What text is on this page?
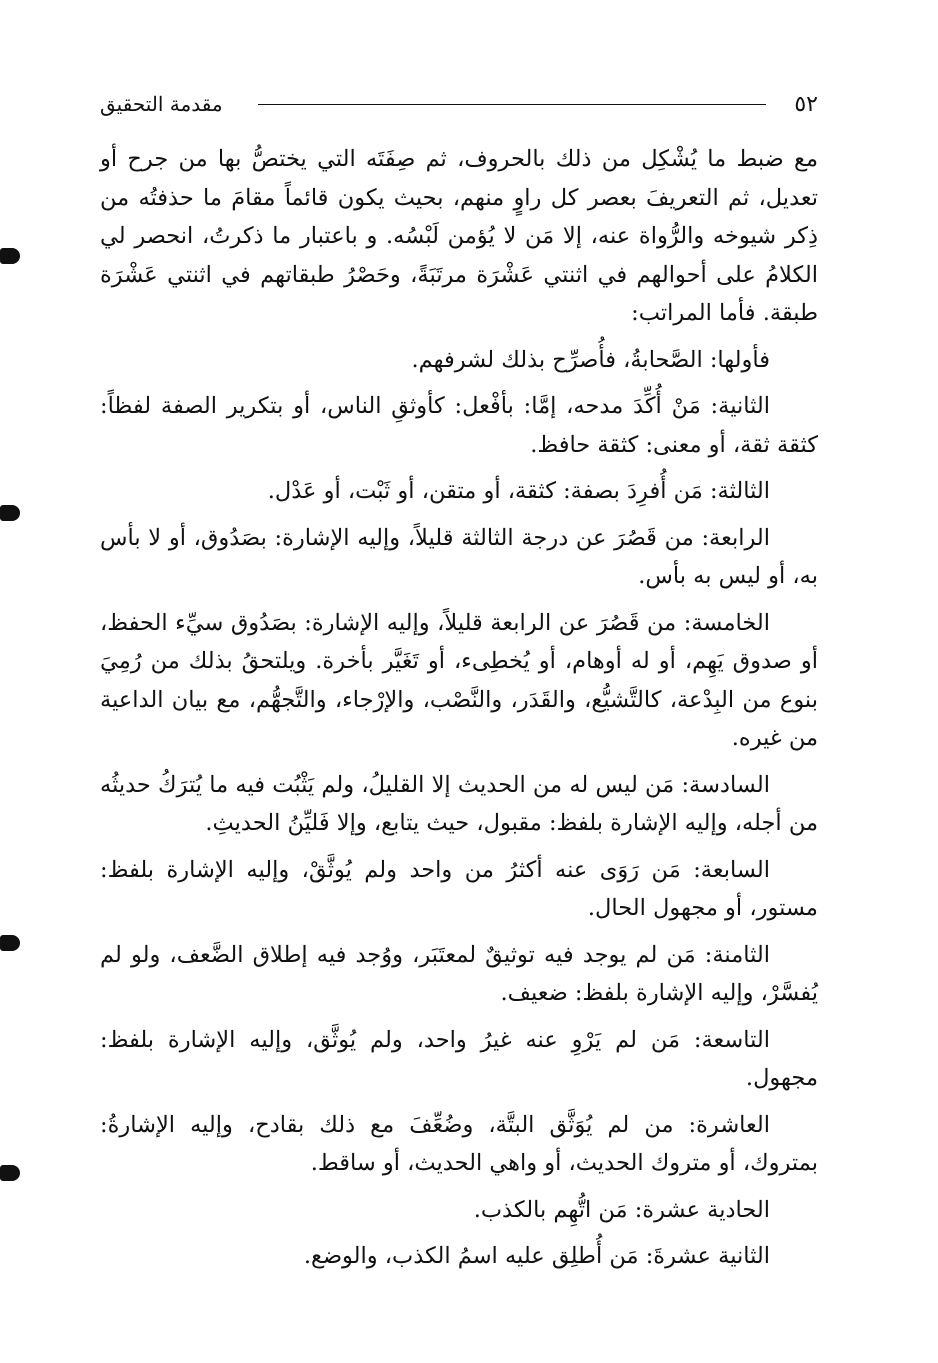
٥٢
مقدمة التحقيق

مع ضبط ما يُشْكِل من ذلك بالحروف، ثم صِفَتَه التي يختصُّ بها من جرح أو تعديل، ثم التعريفَ بعصر كل راوٍ منهم، بحيث يكون قائماً مقامَ ما حذفتُه من ذِكر شيوخه والرُّواة عنه، إلا مَن لا يُؤمن لَبْسُه. و باعتبار ما ذكرتُ، انحصر لي الكلامُ على أحوالهم في اثنتي عَشْرَة مرتَبَةً، وحَصْرُ طبقاتهم في اثنتي عَشْرَة طبقة. فأما المراتب:

فأولها: الصَّحابةُ، فأُصرِّح بذلك لشرفهم.

الثانية: مَنْ أُكِّدَ مدحه، إمَّا: بأفْعل: كأوثقِ الناس، أو بتكرير الصفة لفظاً: كثقة ثقة، أو معنى: كثقة حافظ.

الثالثة: مَن أُفرِدَ بصفة: كثقة، أو متقن، أو ثَبْت، أو عَدْل.

الرابعة: من قَصُرَ عن درجة الثالثة قليلاً، وإليه الإشارة: بصَدُوق، أو لا بأس به، أو ليس به بأس.

الخامسة: من قَصُرَ عن الرابعة قليلاً، وإليه الإشارة: بصَدُوق سيِّء الحفظ، أو صدوق يَهِم، أو له أوهام، أو يُخطِىء، أو تَغَيَّر بأخرة. ويلتحقُ بذلك من رُمِيَ بنوع من البِدْعة، كالتَّشيُّع، والقَدَر، والنَّصْب، والإرْجاء، والتَّجهُّم، مع بيان الداعية من غيره.

السادسة: مَن ليس له من الحديث إلا القليلُ، ولم يَثْبُت فيه ما يُترَكُ حديثُه من أجله، وإليه الإشارة بلفظ: مقبول، حيث يتابع، وإلا فَليِّنُ الحديثِ.

السابعة: مَن رَوَى عنه أكثرُ من واحد ولم يُوثَّقْ، وإليه الإشارة بلفظ: مستور، أو مجهول الحال.

الثامنة: مَن لم يوجد فيه توثيقٌ لمعتَبَر، ووُجد فيه إطلاق الضَّعف، ولو لم يُفسَّرْ، وإليه الإشارة بلفظ: ضعيف.

التاسعة: مَن لم يَرْوِ عنه غيرُ واحد، ولم يُوثَّق، وإليه الإشارة بلفظ: مجهول.

العاشرة: من لم يُوَثَّق البتَّة، وضُعِّفَ مع ذلك بقادح، وإليه الإشارةُ: بمتروك، أو متروك الحديث، أو واهي الحديث، أو ساقط.

الحادية عشرة: مَن اتُّهِم بالكذب.

الثانية عشرةَ: مَن أُطلِق عليه اسمُ الكذب، والوضع.
